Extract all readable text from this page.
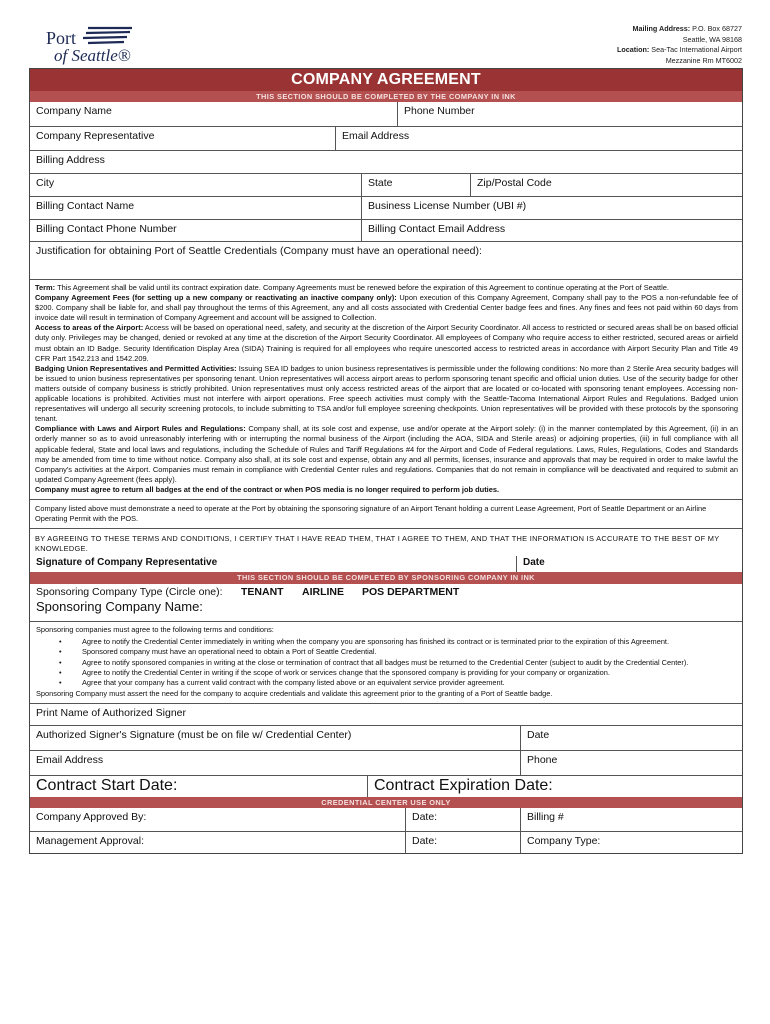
Port
of Seattle®
Mailing Address: P.O. Box 68727
Seattle, WA 98168
Location: Sea-Tac International Airport
Mezzanine Rm MT6002
COMPANY AGREEMENT
THIS SECTION SHOULD BE COMPLETED BY THE COMPANY IN INK
Company Name	Phone Number
Company Representative	Email Address
Billing Address
City	State	Zip/Postal Code
Billing Contact Name	Business License Number (UBI #)
Billing Contact Phone Number	Billing Contact Email Address
Justification for obtaining Port of Seattle Credentials (Company must have an operational need):

Term: This Agreement shall be valid until its contract expiration date. Company Agreements must be renewed before the expiration of this Agreement to continue operating at the Port of Seattle.

Company Agreement Fees (for setting up a new company or reactivating an inactive company only): Upon execution of this Company Agreement, Company shall pay to the POS a non-refundable fee of $200. Company shall be liable for, and shall pay throughout the terms of this Agreement, any and all costs associated with Credential Center badge fees and fines. Any fines and fees not paid within 60 days from invoice date will result in termination of Company Agreement and account will be assigned to Collection.

Access to areas of the Airport: Access will be based on operational need, safety, and security at the discretion of the Airport Security Coordinator. All access to restricted or secured areas shall be on based official duty only. Privileges may be changed, denied or revoked at any time at the discretion of the Airport Security Coordinator. All employees of Company who require access to either restricted, secured areas or airfield must obtain an ID Badge. Security Identification Display Area (SIDA) Training is required for all employees who require unescorted access to restricted areas in accordance with Airport Security Plan and Title 49 CFR Part 1542.213 and 1542.209.

Badging Union Representatives and Permitted Activities: Issuing SEA ID badges to union business representatives is permissible under the following conditions: No more than 2 Sterile Area security badges will be issued to union business representatives per sponsoring tenant. Union representatives will access airport areas to perform sponsoring tenant specific and official union duties. Use of the security badge for other matters outside of company business is strictly prohibited. Union representatives must only access restricted areas of the airport that are located or co-located with sponsoring tenant employees. Accessing non-applicable locations is prohibited. Activities must not interfere with airport operations. Free speech activities must comply with the Seattle-Tacoma International Airport Rules and Regulations. Badged union representatives will undergo all security screening protocols, to include submitting to TSA and/or full employee screening checkpoints. Union representatives will be provided with these protocols by the sponsoring tenant.

Compliance with Laws and Airport Rules and Regulations: Company shall, at its sole cost and expense, use and/or operate at the Airport solely: (i) in the manner contemplated by this Agreement, (ii) in an orderly manner so as to avoid unreasonably interfering with or interrupting the normal business of the Airport (including the AOA, SIDA and Sterile areas) or adjoining properties, (iii) in full compliance with all applicable federal, State and local laws and regulations, including the Schedule of Rules and Tariff Regulations #4 for the Airport and Code of Federal regulations. Laws, Rules, Regulations, Codes and Standards may be amended from time to time without notice. Company also shall, at its sole cost and expense, obtain any and all permits, licenses, insurance and approvals that may be required in order to make lawful the Company's activities at the Airport. Companies must remain in compliance with Credential Center rules and regulations. Companies that do not remain in compliance will be deactivated and required to submit an updated Company Agreement (fees apply).

Company must agree to return all badges at the end of the contract or when POS media is no longer required to perform job duties.

Company listed above must demonstrate a need to operate at the Port by obtaining the sponsoring signature of an Airport Tenant holding a current Lease Agreement, Port of Seattle Department or an Airline Operating Permit with the POS.
BY AGREEING TO THESE TERMS AND CONDITIONS, I CERTIFY THAT I HAVE READ THEM, THAT I AGREE TO THEM, AND THAT THE INFORMATION IS ACCURATE TO THE BEST OF MY KNOWLEDGE.
Signature of Company Representative	Date
THIS SECTION SHOULD BE COMPLETED BY SPONSORING COMPANY IN INK
Sponsoring Company Type (Circle one):	TENANT	AIRLINE	POS DEPARTMENT
Sponsoring Company Name:
Sponsoring companies must agree to the following terms and conditions:
• Agree to notify the Credential Center immediately in writing when the company you are sponsoring has finished its contract or is terminated prior to the expiration of this Agreement.
• Sponsored company must have an operational need to obtain a Port of Seattle Credential.
• Agree to notify sponsored companies in writing at the close or termination of contract that all badges must be returned to the Credential Center (subject to audit by the Credential Center).
• Agree to notify the Credential Center in writing if the scope of work or services change that the sponsored company is providing for your company or organization.
• Agree that your company has a current valid contract with the company listed above or an equivalent service provider agreement.
Sponsoring Company must assert the need for the company to acquire credentials and validate this agreement prior to the granting of a Port of Seattle badge.
Print Name of Authorized Signer
Authorized Signer's Signature (must be on file w/ Credential Center)	Date
Email Address	Phone
Contract Start Date:	Contract Expiration Date:
CREDENTIAL CENTER USE ONLY
Company Approved By:	Date:	Billing #
Management Approval:	Date:	Company Type:
